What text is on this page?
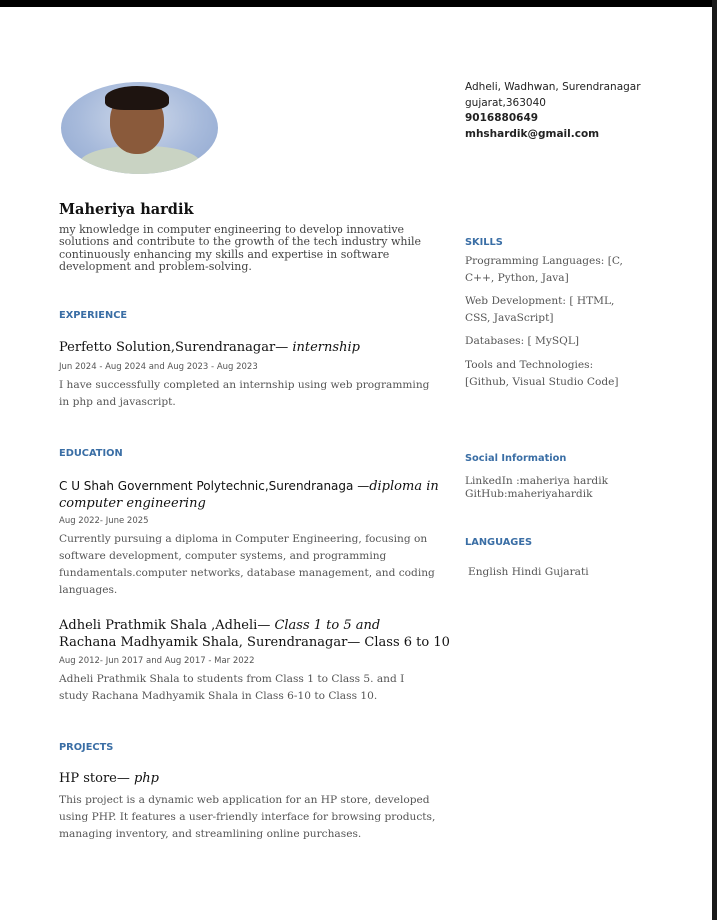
Adheli, Wadhwan, Surendranagar
gujarat,363040
9016880649
mhshardik@gmail.com
Maheriya hardik
my knowledge in computer engineering to develop innovative solutions and contribute to the growth of the tech industry while continuously enhancing my skills and expertise in software development and problem-solving.
EXPERIENCE
Perfetto Solution,Surendranagar— internship
Jun 2024 - Aug 2024 and Aug 2023 - Aug 2023
I have successfully completed an internship using web programming in php and javascript.
EDUCATION
C U Shah Government Polytechnic,Surendranaga —diploma in computer engineering
Aug 2022- June 2025
Currently pursuing a diploma in Computer Engineering, focusing on software development, computer systems, and programming fundamentals.computer networks, database management, and coding languages.
Adheli Prathmik Shala ,Adheli— Class 1 to 5 and
Rachana Madhyamik Shala, Surendranagar— Class 6 to 10
Aug 2012- Jun 2017 and Aug 2017 - Mar 2022
Adheli Prathmik Shala to students from Class 1 to Class 5. and I
study Rachana Madhyamik Shala in Class 6-10 to Class 10.
PROJECTS
HP store— php
This project is a dynamic web application for an HP store, developed using PHP. It features a user-friendly interface for browsing products, managing inventory, and streamlining online purchases.
SKILLS
Programming Languages: [C, C++, Python, Java]
Web Development: [ HTML, CSS, JavaScript]
Databases: [ MySQL]
Tools and Technologies: [Github, Visual Studio Code]
Social Information
LinkedIn :maheriya hardik
GitHub:maheriyahardik
LANGUAGES
English Hindi Gujarati
